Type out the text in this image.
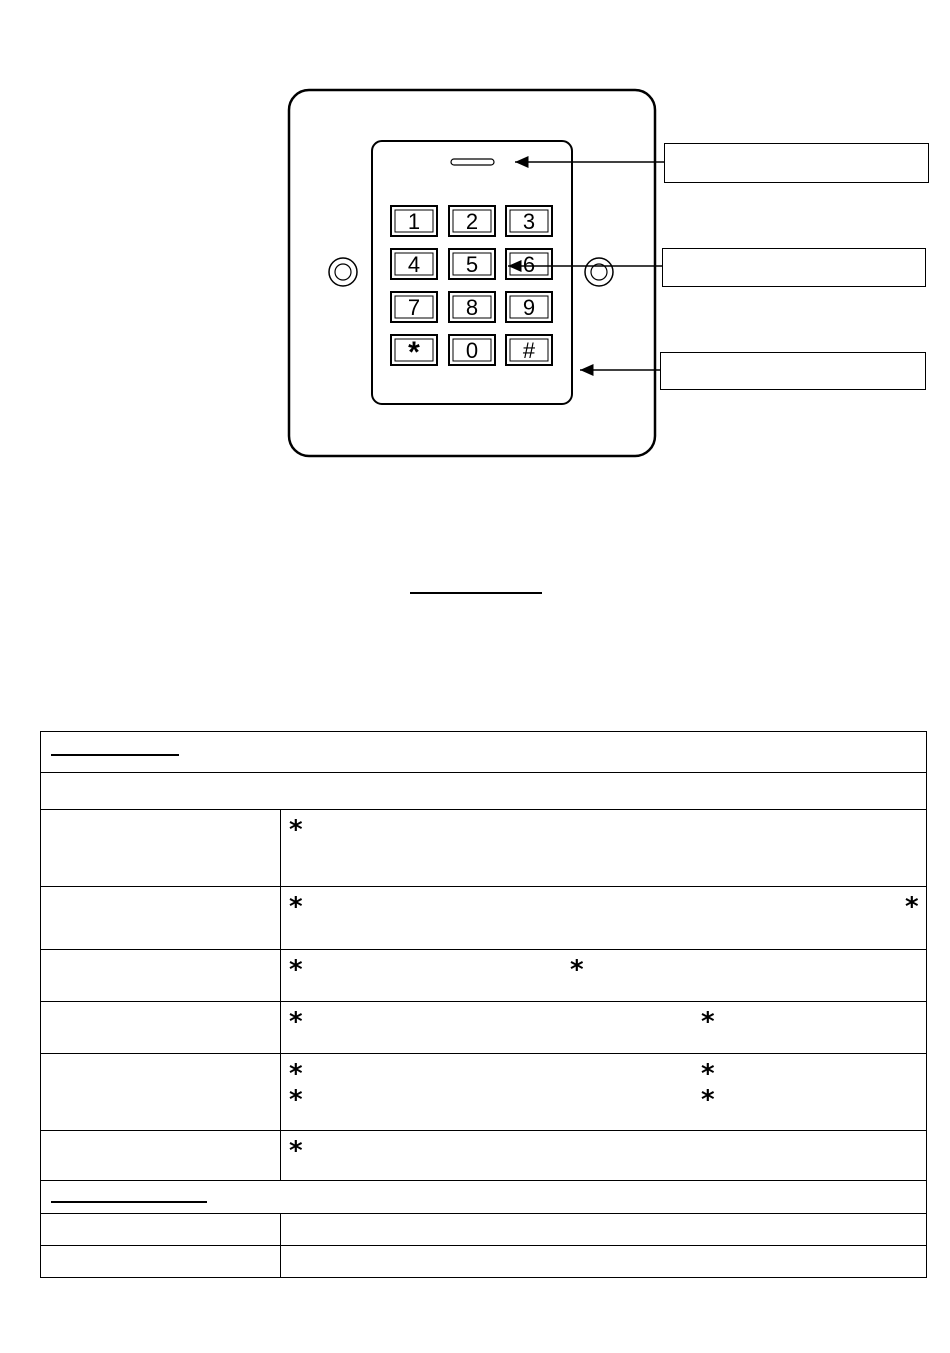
1 2 3
4 5 6
7 8 9
* 0 #
*
*	*
*	*
*	*
*	*
*	*
*
